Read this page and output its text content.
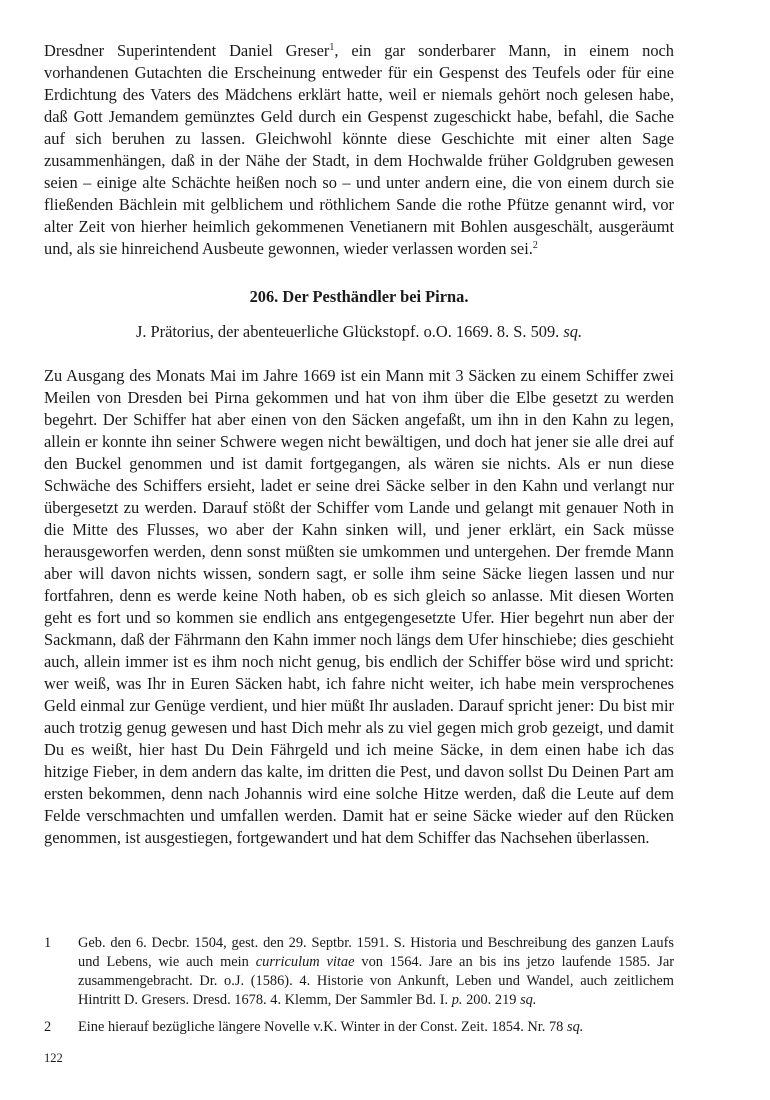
Dresdner Superintendent Daniel Greser$^1$, ein gar sonderbarer Mann, in einem noch vorhandenen Gutachten die Erscheinung entweder für ein Gespenst des Teufels oder für eine Erdichtung des Vaters des Mädchens erklärt hatte, weil er niemals gehört noch gelesen habe, daß Gott Jemandem gemünztes Geld durch ein Gespenst zugeschickt habe, befahl, die Sache auf sich beruhen zu lassen. Gleichwohl könnte diese Geschichte mit einer alten Sage zusammenhängen, daß in der Nähe der Stadt, in dem Hochwalde früher Goldgruben gewesen seien – einige alte Schächte heißen noch so – und unter andern eine, die von einem durch sie fließenden Bächlein mit gelblichem und röthlichem Sande die rothe Pfütze genannt wird, vor alter Zeit von hierher heimlich gekommenen Venetianern mit Bohlen ausgeschält, ausgeräumt und, als sie hinreichend Ausbeute gewonnen, wieder verlassen worden sei.$^2$

206. Der Pesthändler bei Pirna.

J. Prätorius, der abenteuerliche Glückstopf. o.O. 1669. 8. S. 509. sq.

Zu Ausgang des Monats Mai im Jahre 1669 ist ein Mann mit 3 Säcken zu einem Schiffer zwei Meilen von Dresden bei Pirna gekommen und hat von ihm über die Elbe gesetzt zu werden begehrt. Der Schiffer hat aber einen von den Säcken angefaßt, um ihn in den Kahn zu legen, allein er konnte ihn seiner Schwere wegen nicht bewältigen, und doch hat jener sie alle drei auf den Buckel genommen und ist damit fortgegangen, als wären sie nichts. Als er nun diese Schwäche des Schiffers ersieht, ladet er seine drei Säcke selber in den Kahn und verlangt nur übergesetzt zu werden. Darauf stößt der Schiffer vom Lande und gelangt mit genauer Noth in die Mitte des Flusses, wo aber der Kahn sinken will, und jener erklärt, ein Sack müsse herausgeworfen werden, denn sonst müßten sie umkommen und untergehen. Der fremde Mann aber will davon nichts wissen, sondern sagt, er solle ihm seine Säcke liegen lassen und nur fortfahren, denn es werde keine Noth haben, ob es sich gleich so anlasse. Mit diesen Worten geht es fort und so kommen sie endlich ans entgegengesetzte Ufer. Hier begehrt nun aber der Sackmann, daß der Fährmann den Kahn immer noch längs dem Ufer hinschiebe; dies geschieht auch, allein immer ist es ihm noch nicht genug, bis endlich der Schiffer böse wird und spricht: wer weiß, was Ihr in Euren Säcken habt, ich fahre nicht weiter, ich habe mein versprochenes Geld einmal zur Genüge verdient, und hier müßt Ihr ausladen. Darauf spricht jener: Du bist mir auch trotzig genug gewesen und hast Dich mehr als zu viel gegen mich grob gezeigt, und damit Du es weißt, hier hast Du Dein Fährgeld und ich meine Säcke, in dem einen habe ich das hitzige Fieber, in dem andern das kalte, im dritten die Pest, und davon sollst Du Deinen Part am ersten bekommen, denn nach Johannis wird eine solche Hitze werden, daß die Leute auf dem Felde verschmachten und umfallen werden. Damit hat er seine Säcke wieder auf den Rücken genommen, ist ausgestiegen, fortgewandert und hat dem Schiffer das Nachsehen überlassen.

1	Geb. den 6. Decbr. 1504, gest. den 29. Septbr. 1591. S. Historia und Beschreibung des ganzen Laufs und Lebens, wie auch mein curriculum vitae von 1564. Jare an bis ins jetzo laufende 1585. Jar zusammengebracht. Dr. o.J. (1586). 4. Historie von Ankunft, Leben und Wandel, auch zeitlichem Hintritt D. Gresers. Dresd. 1678. 4. Klemm, Der Sammler Bd. I. p. 200. 219 sq.
2	Eine hierauf bezügliche längere Novelle v.K. Winter in der Const. Zeit. 1854. Nr. 78 sq.
122
